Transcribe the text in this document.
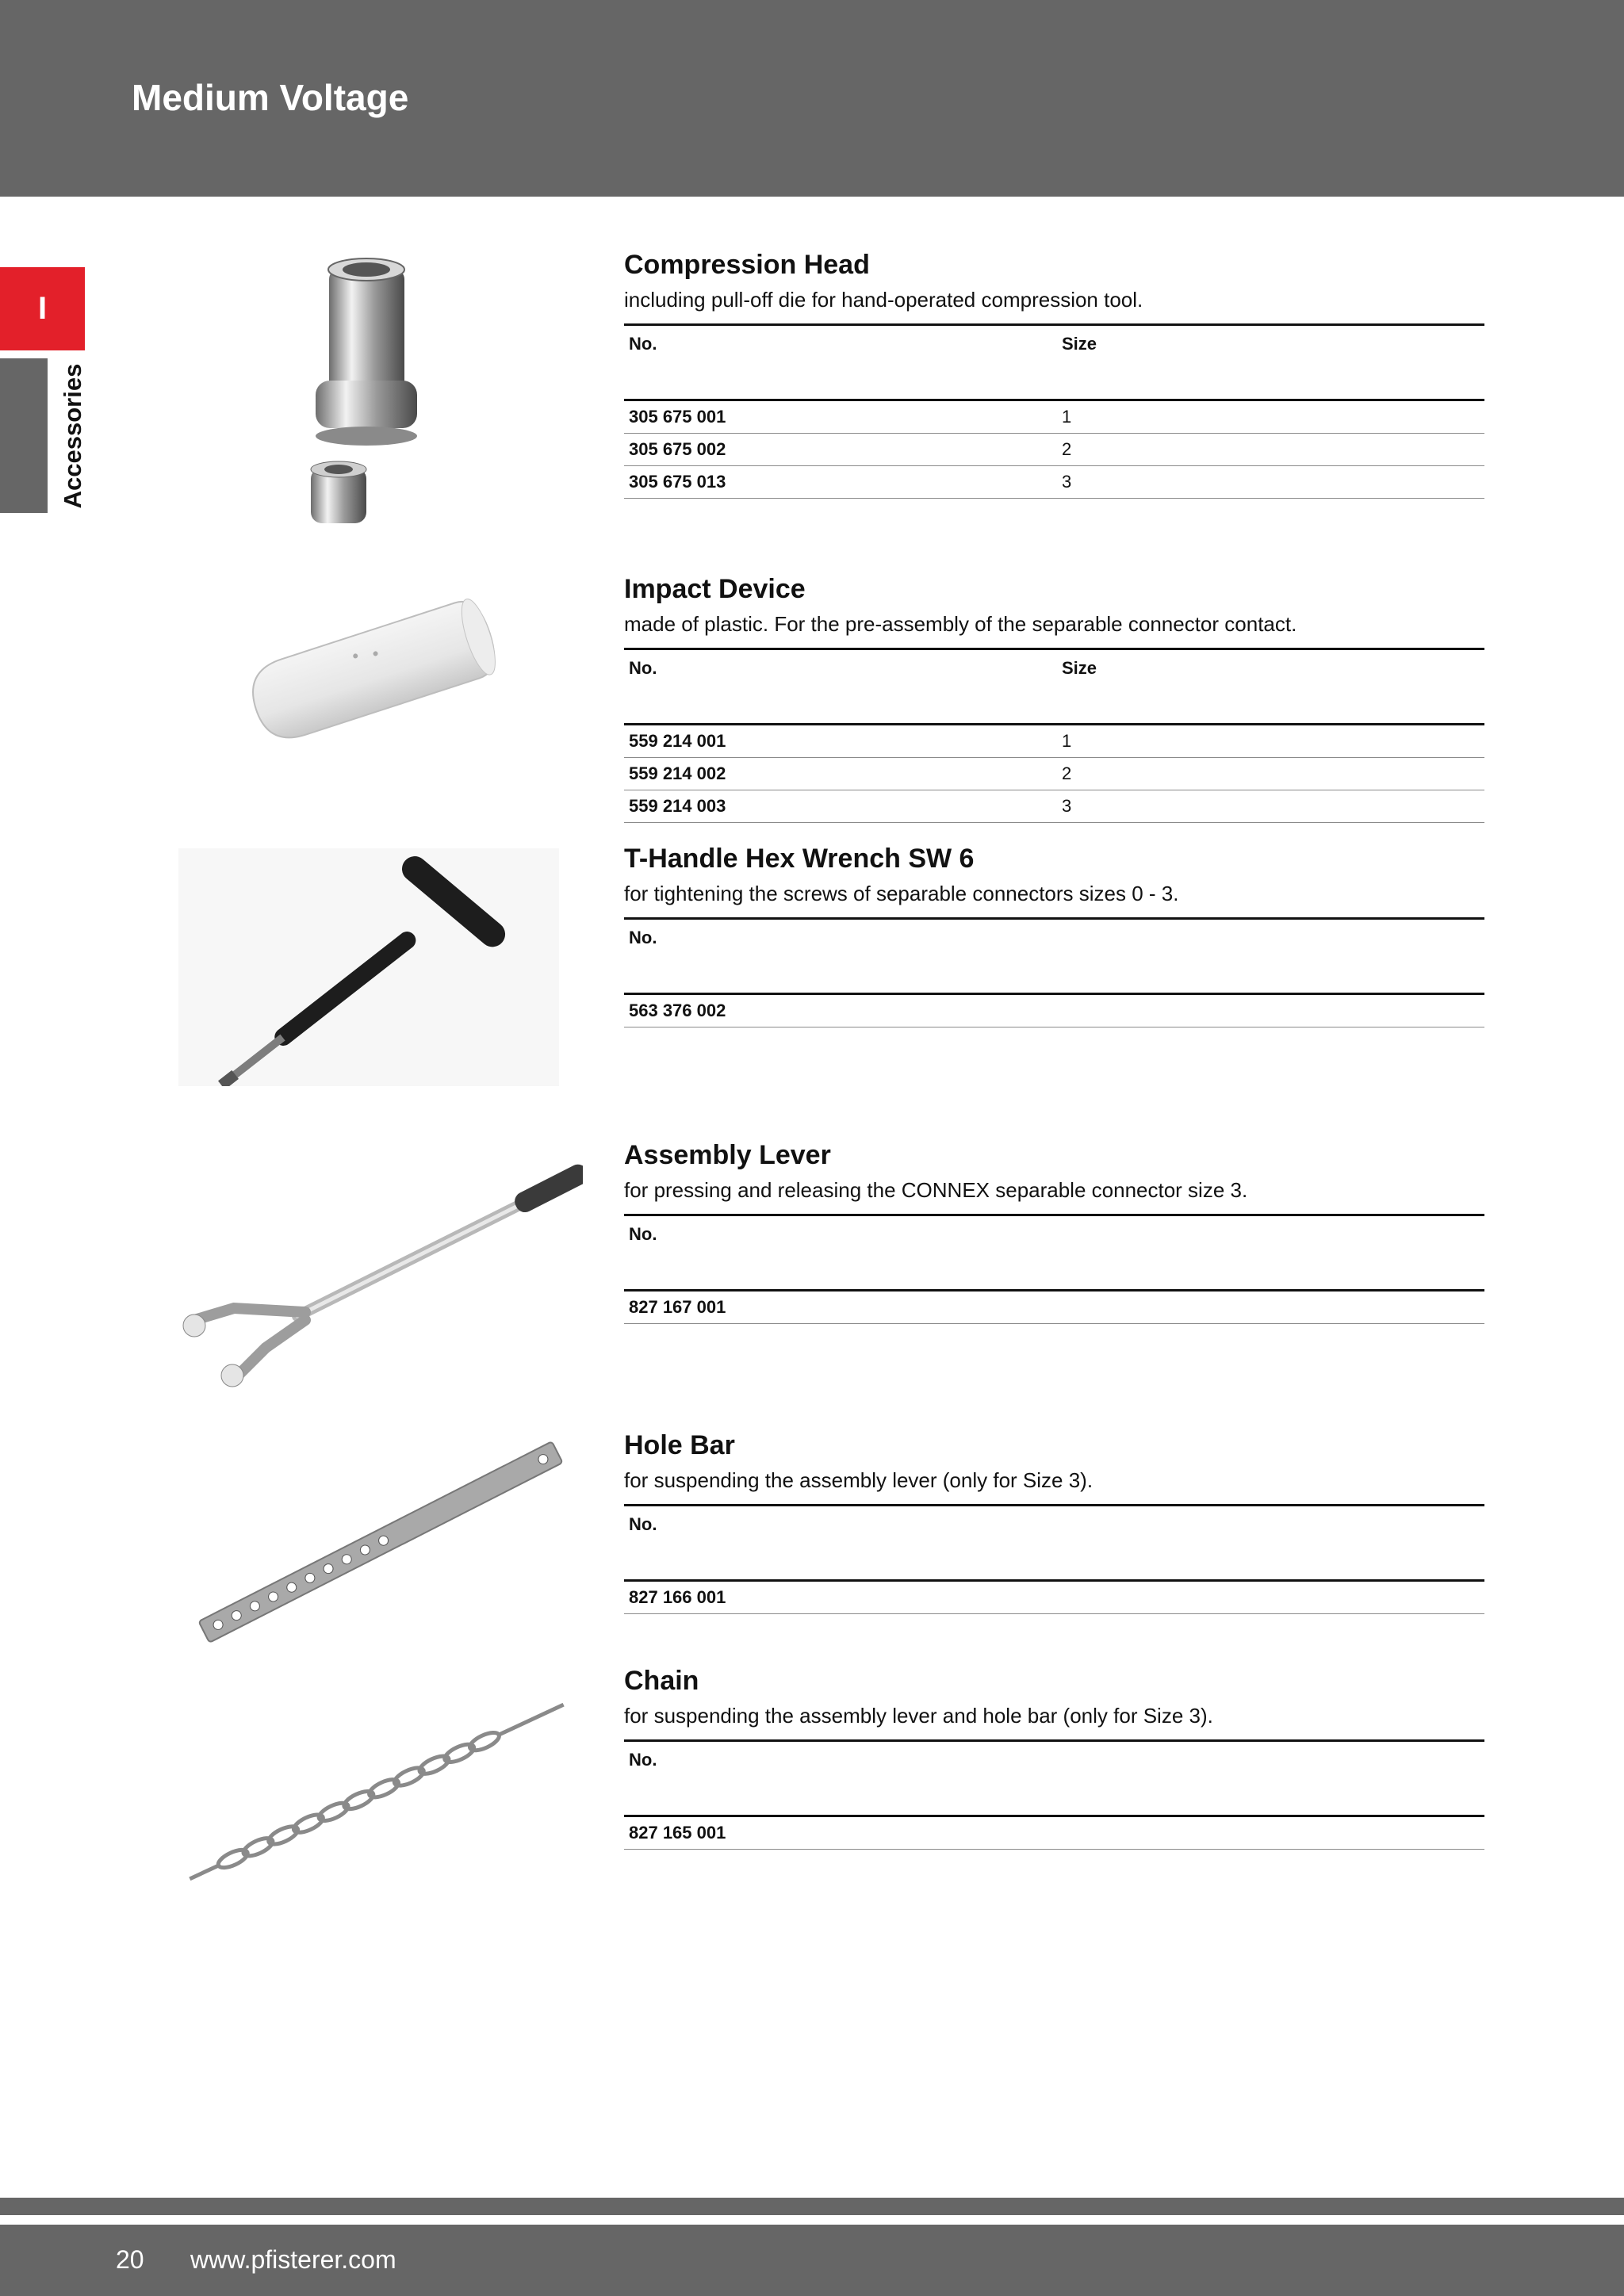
Medium Voltage
I
Accessories
Compression Head
including pull-off die for hand-operated compression tool.
No.	Size
305 675 001	1
305 675 002	2
305 675 013	3
Impact Device
made of plastic. For the pre-assembly of the separable connector contact.
No.	Size
559 214 001	1
559 214 002	2
559 214 003	3
T-Handle Hex Wrench SW 6
for tightening the screws of separable connectors sizes 0 - 3.
No.
563 376 002
Assembly Lever
for pressing and releasing the CONNEX separable connector size 3.
No.
827 167 001
Hole Bar
for suspending the assembly lever (only for Size 3).
No.
827 166 001
Chain
for suspending the assembly lever and hole bar (only for Size 3).
No.
827 165 001
20 www.pfisterer.com
